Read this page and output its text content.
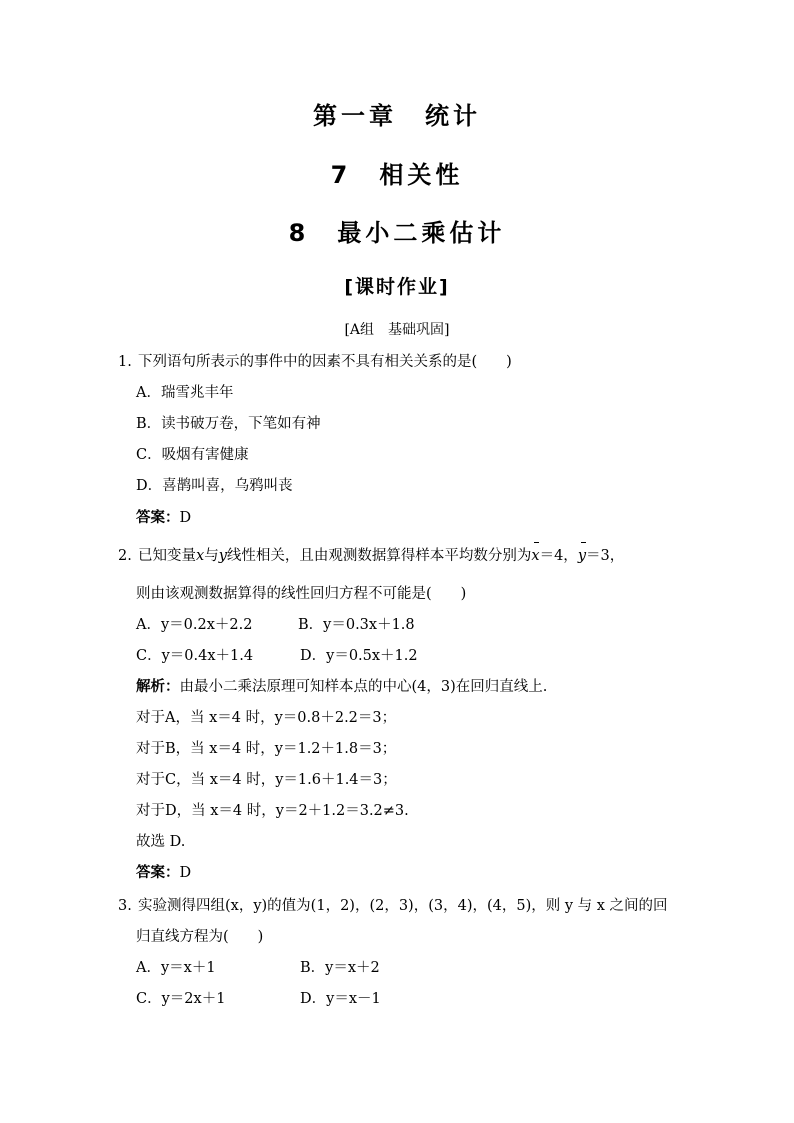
第一章　统计
7　相关性
8　最小二乘估计
[课时作业]
[A组　基础巩固]
1. 下列语句所表示的事件中的因素不具有相关关系的是(　　)
A．瑞雪兆丰年
B．读书破万卷，下笔如有神
C．吸烟有害健康
D．喜鹊叫喜，乌鸦叫丧
答案：D
2. 已知变量x与y线性相关，且由观测数据算得样本平均数分别为x＝4，y＝3，
则由该观测数据算得的线性回归方程不可能是(　　)
A．y＝0.2x＋2.2	B．y＝0.3x＋1.8
C．y＝0.4x＋1.4	D．y＝0.5x＋1.2
解析：由最小二乘法原理可知样本点的中心(4，3)在回归直线上.
对于A，当 x＝4 时，y＝0.8＋2.2＝3；
对于B，当 x＝4 时，y＝1.2＋1.8＝3；
对于C，当 x＝4 时，y＝1.6＋1.4＝3；
对于D，当 x＝4 时，y＝2＋1.2＝3.2≠3.
故选 D.
答案：D
3. 实验测得四组(x，y)的值为(1，2)，(2，3)，(3，4)，(4，5)，则 y 与 x 之间的回
归直线方程为(　　)
A．y＝x＋1	B．y＝x＋2
C．y＝2x＋1	D．y＝x－1
